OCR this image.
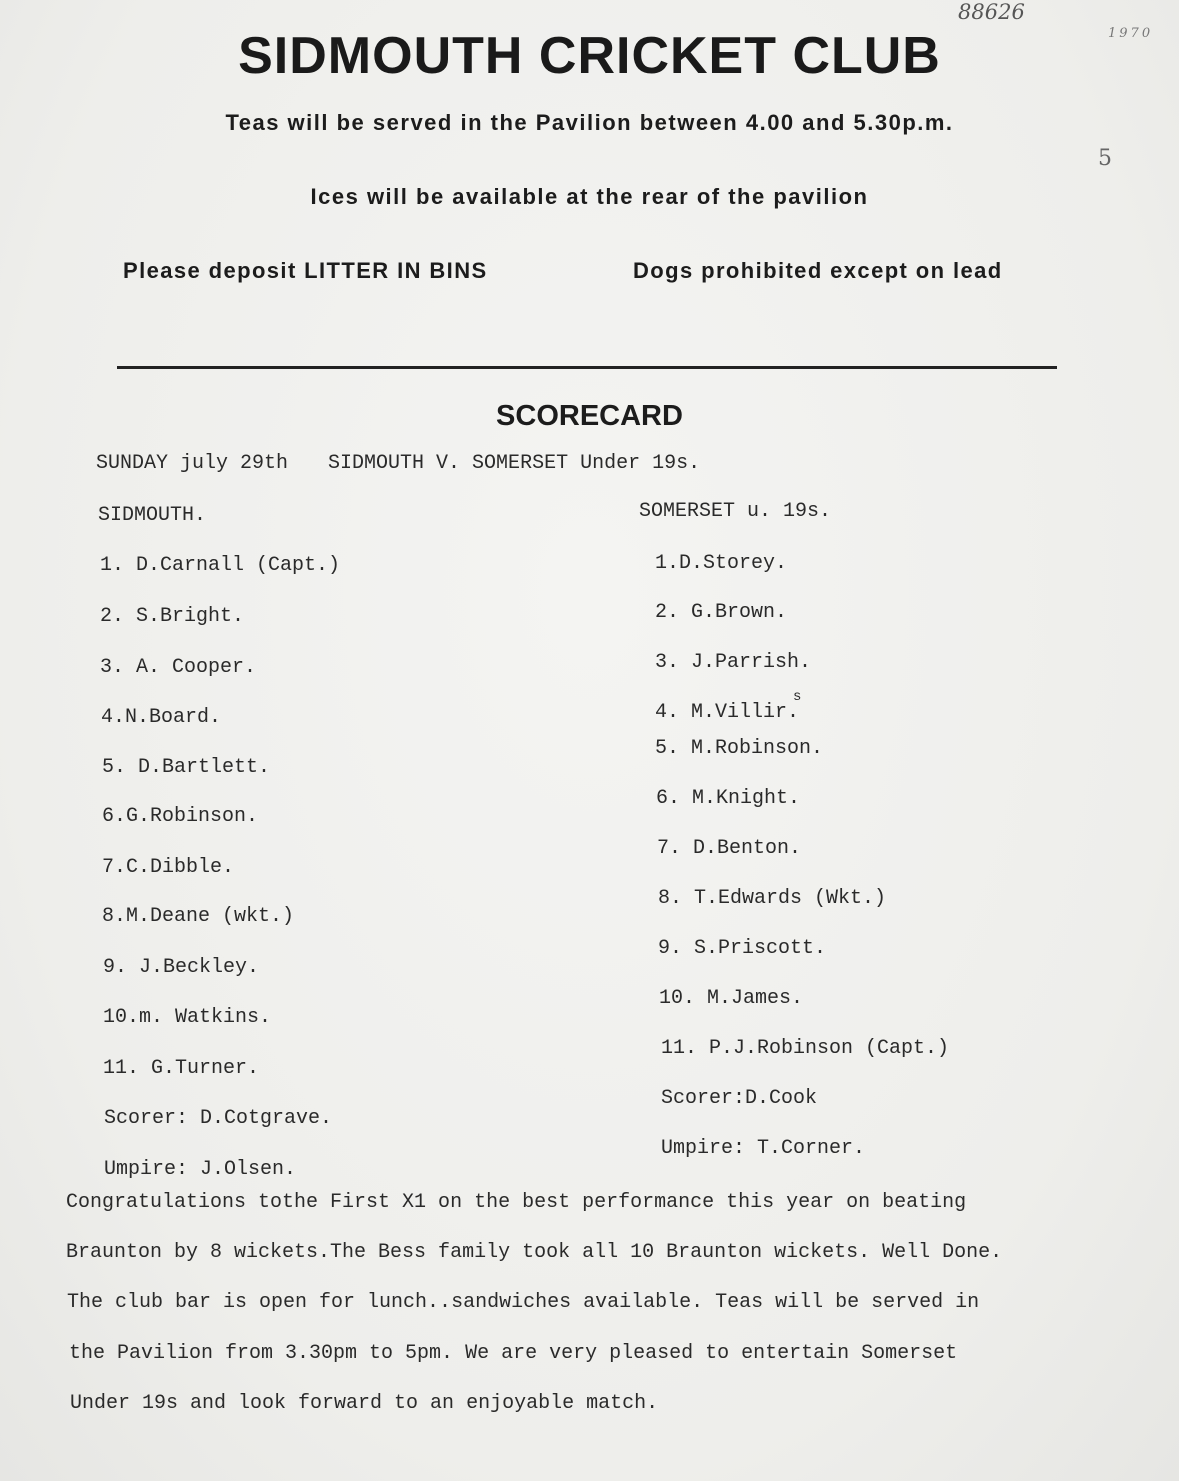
88626
1970
5
SIDMOUTH CRICKET CLUB
Teas will be served in the Pavilion between 4.00 and 5.30p.m.
Ices will be available at the rear of the pavilion
Please deposit LITTER IN BINS	Dogs prohibited except on lead
SCORECARD
SUNDAY july 29th SIDMOUTH V. SOMERSET Under 19s.
SIDMOUTH.
1. D.Carnall (Capt.)
2. S.Bright.
3. A. Cooper.
4.N.Board.
5. D.Bartlett.
6.G.Robinson.
7.C.Dibble.
8.M.Deane (wkt.)
9. J.Beckley.
10.m. Watkins.
11. G.Turner.
Scorer: D.Cotgrave.
Umpire: J.Olsen.
SOMERSET u. 19s.
1.D.Storey.
2. G.Brown.
3. J.Parrish.
4. M.Villir.
s
5. M.Robinson.
6. M.Knight.
7. D.Benton.
8. T.Edwards (Wkt.)
9. S.Priscott.
10. M.James.
11. P.J.Robinson (Capt.)
Scorer:D.Cook
Umpire: T.Corner.
Congratulations tothe First X1 on the best performance this year on beating
Braunton by 8 wickets.The Bess family took all 10 Braunton wickets. Well Done.
The club bar is open for lunch..sandwiches available. Teas will be served in
the Pavilion from 3.30pm to 5pm. We are very pleased to entertain Somerset
Under 19s and look forward to an enjoyable match.
